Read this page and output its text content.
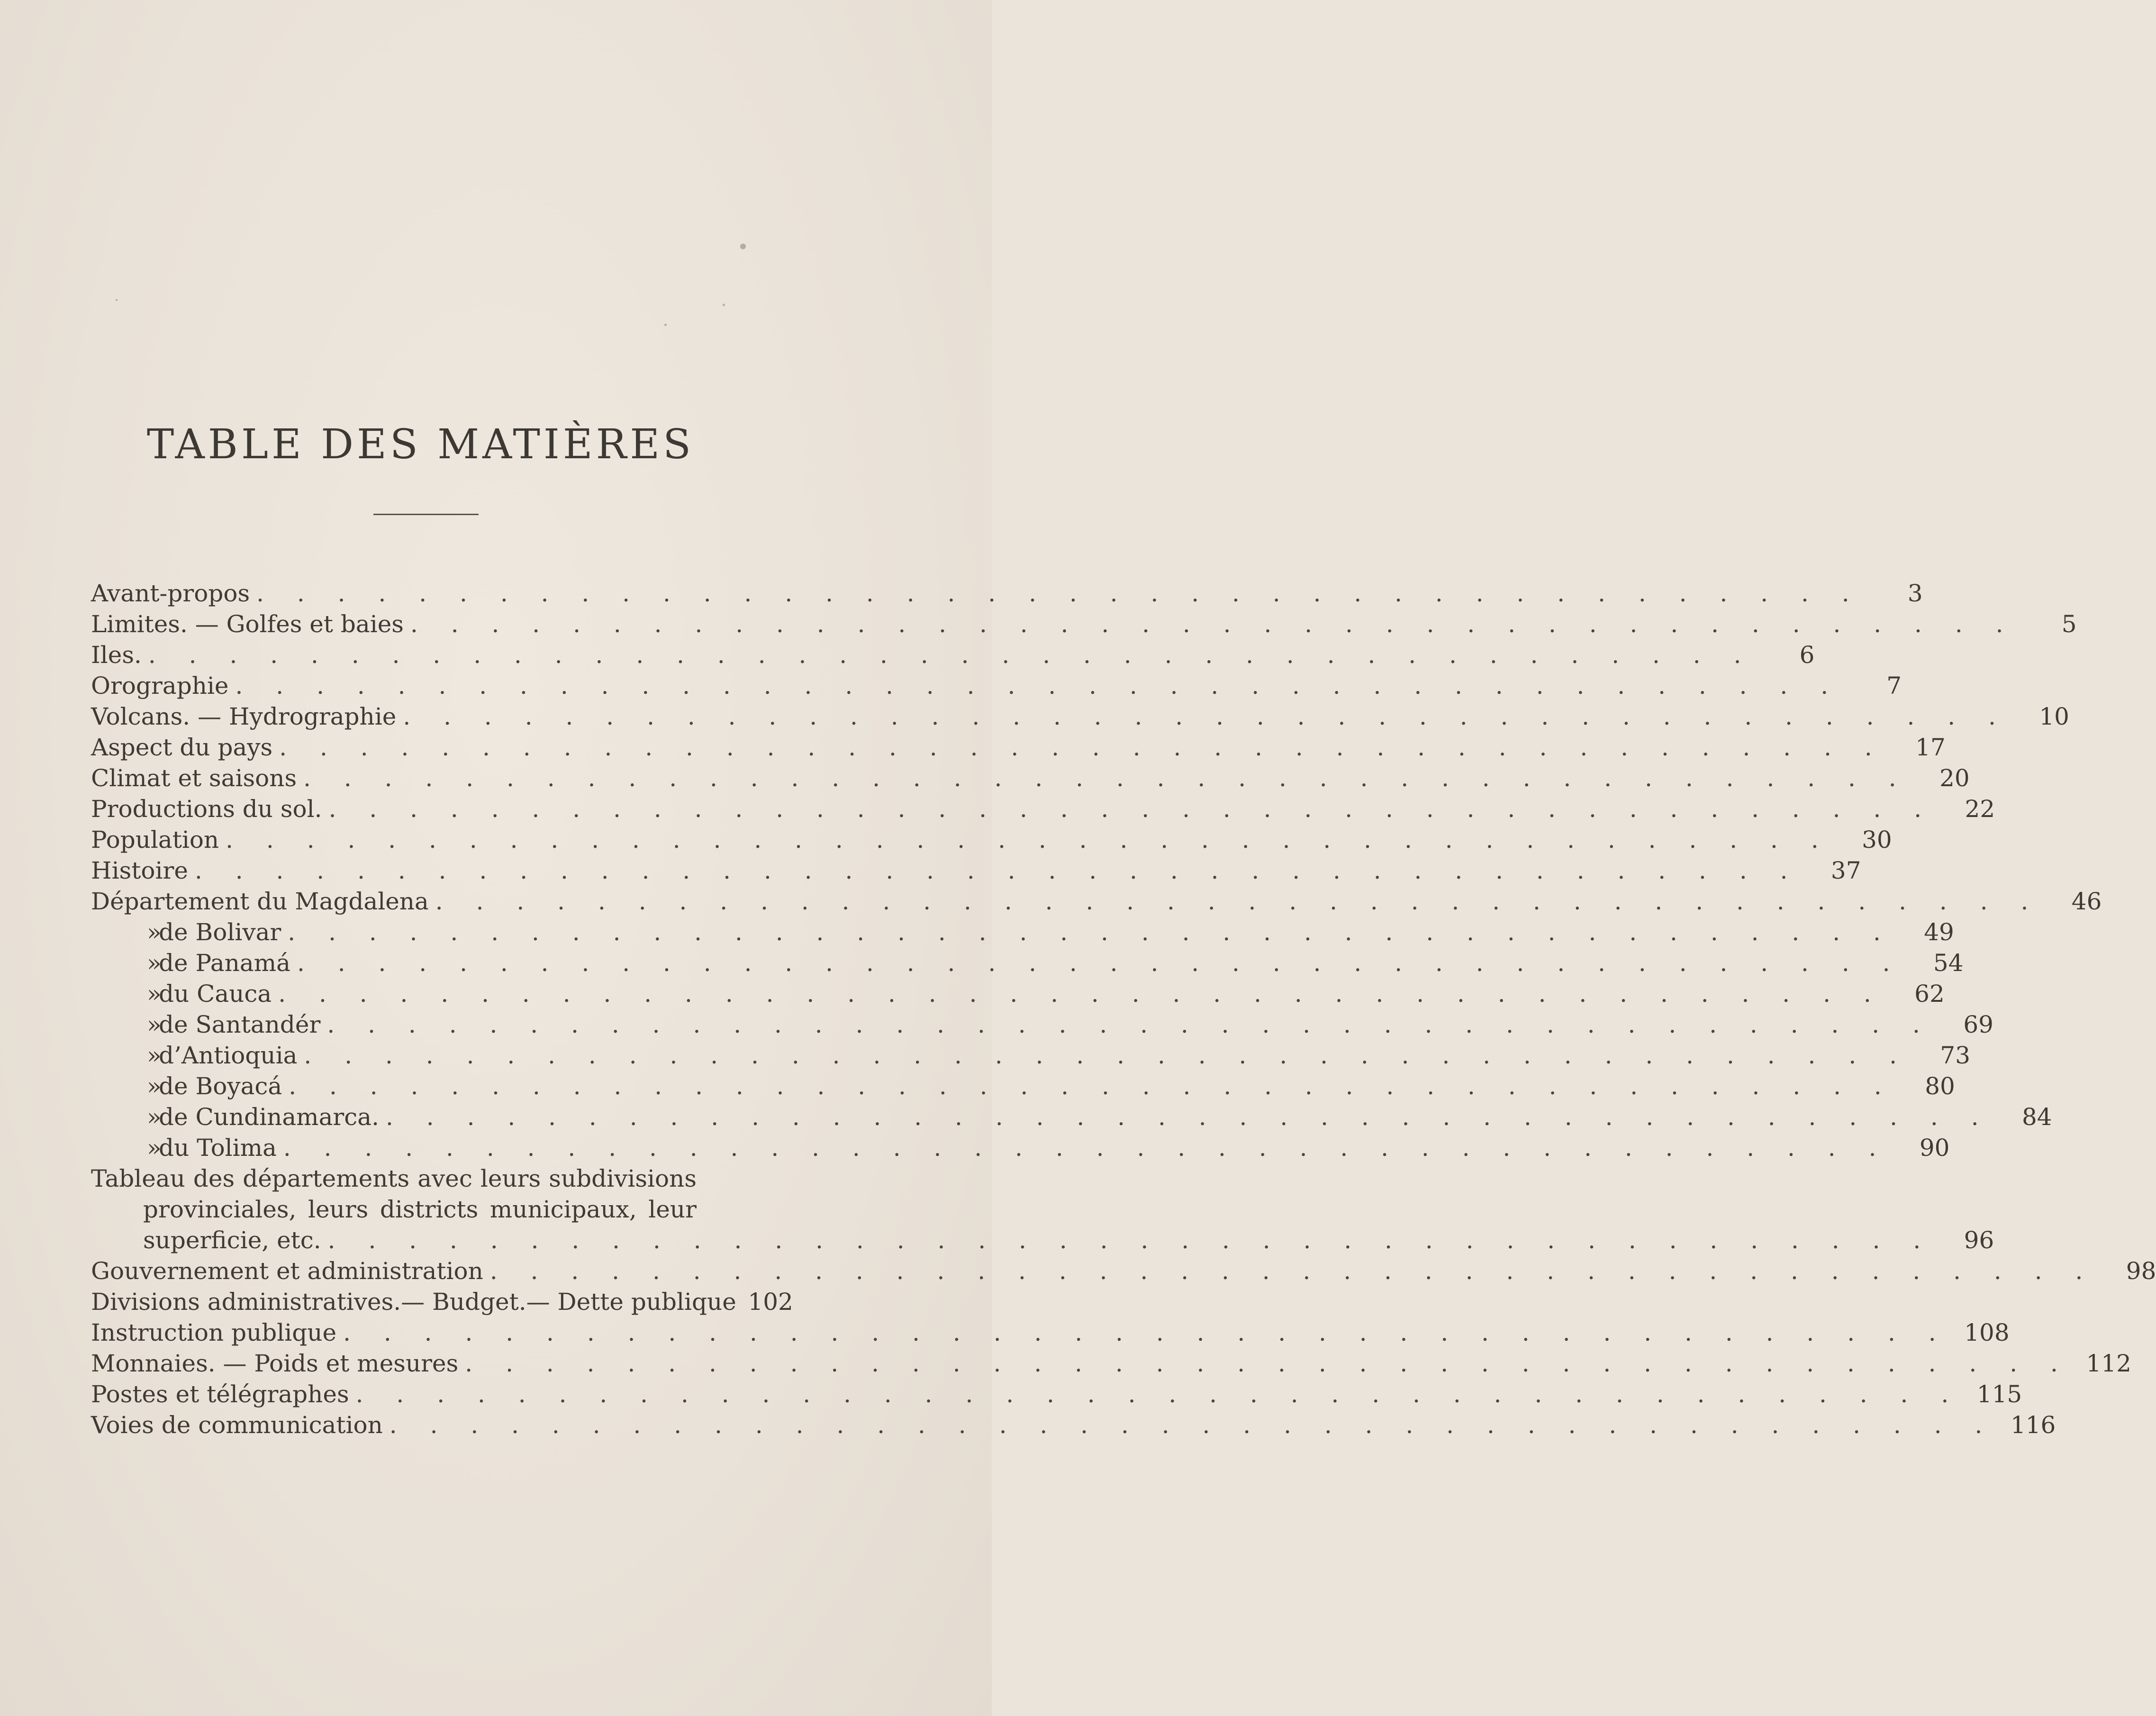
TABLE DES MATIÈRES
Avant-propos . . . . . . . . . . . . . . . . . . . . . . . . . . . . . . . . . . . . . . . .	3
Limites. — Golfes et baies . . . . . . . . . . . . . . . . . . . . . . . . . . . . . . . . . . . . . . . .	5
Iles. . . . . . . . . . . . . . . . . . . . . . . . . . . . . . . . . . . . . . . . .	6
Orographie . . . . . . . . . . . . . . . . . . . . . . . . . . . . . . . . . . . . . . . .	7
Volcans. — Hydrographie . . . . . . . . . . . . . . . . . . . . . . . . . . . . . . . . . . . . . . . .	10
Aspect du pays . . . . . . . . . . . . . . . . . . . . . . . . . . . . . . . . . . . . . . . .	17
Climat et saisons . . . . . . . . . . . . . . . . . . . . . . . . . . . . . . . . . . . . . . . .	20
Productions du sol. . . . . . . . . . . . . . . . . . . . . . . . . . . . . . . . . . . . . . . . .	22
Population . . . . . . . . . . . . . . . . . . . . . . . . . . . . . . . . . . . . . . . .	30
Histoire . . . . . . . . . . . . . . . . . . . . . . . . . . . . . . . . . . . . . . . .	37
Département du Magdalena . . . . . . . . . . . . . . . . . . . . . . . . . . . . . . . . . . . . . . . .	46
»de Bolivar . . . . . . . . . . . . . . . . . . . . . . . . . . . . . . . . . . . . . . . .	49
»de Panamá . . . . . . . . . . . . . . . . . . . . . . . . . . . . . . . . . . . . . . . .	54
»du Cauca . . . . . . . . . . . . . . . . . . . . . . . . . . . . . . . . . . . . . . . .	62
»de Santandér . . . . . . . . . . . . . . . . . . . . . . . . . . . . . . . . . . . . . . . .	69
»d’Antioquia . . . . . . . . . . . . . . . . . . . . . . . . . . . . . . . . . . . . . . . .	73
»de Boyacá . . . . . . . . . . . . . . . . . . . . . . . . . . . . . . . . . . . . . . . .	80
»de Cundinamarca. . . . . . . . . . . . . . . . . . . . . . . . . . . . . . . . . . . . . . . . .	84
»du Tolima . . . . . . . . . . . . . . . . . . . . . . . . . . . . . . . . . . . . . . . .	90
Tableau des départements avec leurs subdivisions
provinciales, leurs districts municipaux, leur
superficie, etc. . . . . . . . . . . . . . . . . . . . . . . . . . . . . . . . . . . . . . . . .	96
Gouvernement et administration . . . . . . . . . . . . . . . . . . . . . . . . . . . . . . . . . . . . . . . .	98
Divisions administratives.— Budget.— Dette publique 102
Instruction publique . . . . . . . . . . . . . . . . . . . . . . . . . . . . . . . . . . . . . . . . 108
Monnaies. — Poids et mesures . . . . . . . . . . . . . . . . . . . . . . . . . . . . . . . . . . . . . . . . 112
Postes et télégraphes . . . . . . . . . . . . . . . . . . . . . . . . . . . . . . . . . . . . . . . . 115
Voies de communication . . . . . . . . . . . . . . . . . . . . . . . . . . . . . . . . . . . . . . . . 116
